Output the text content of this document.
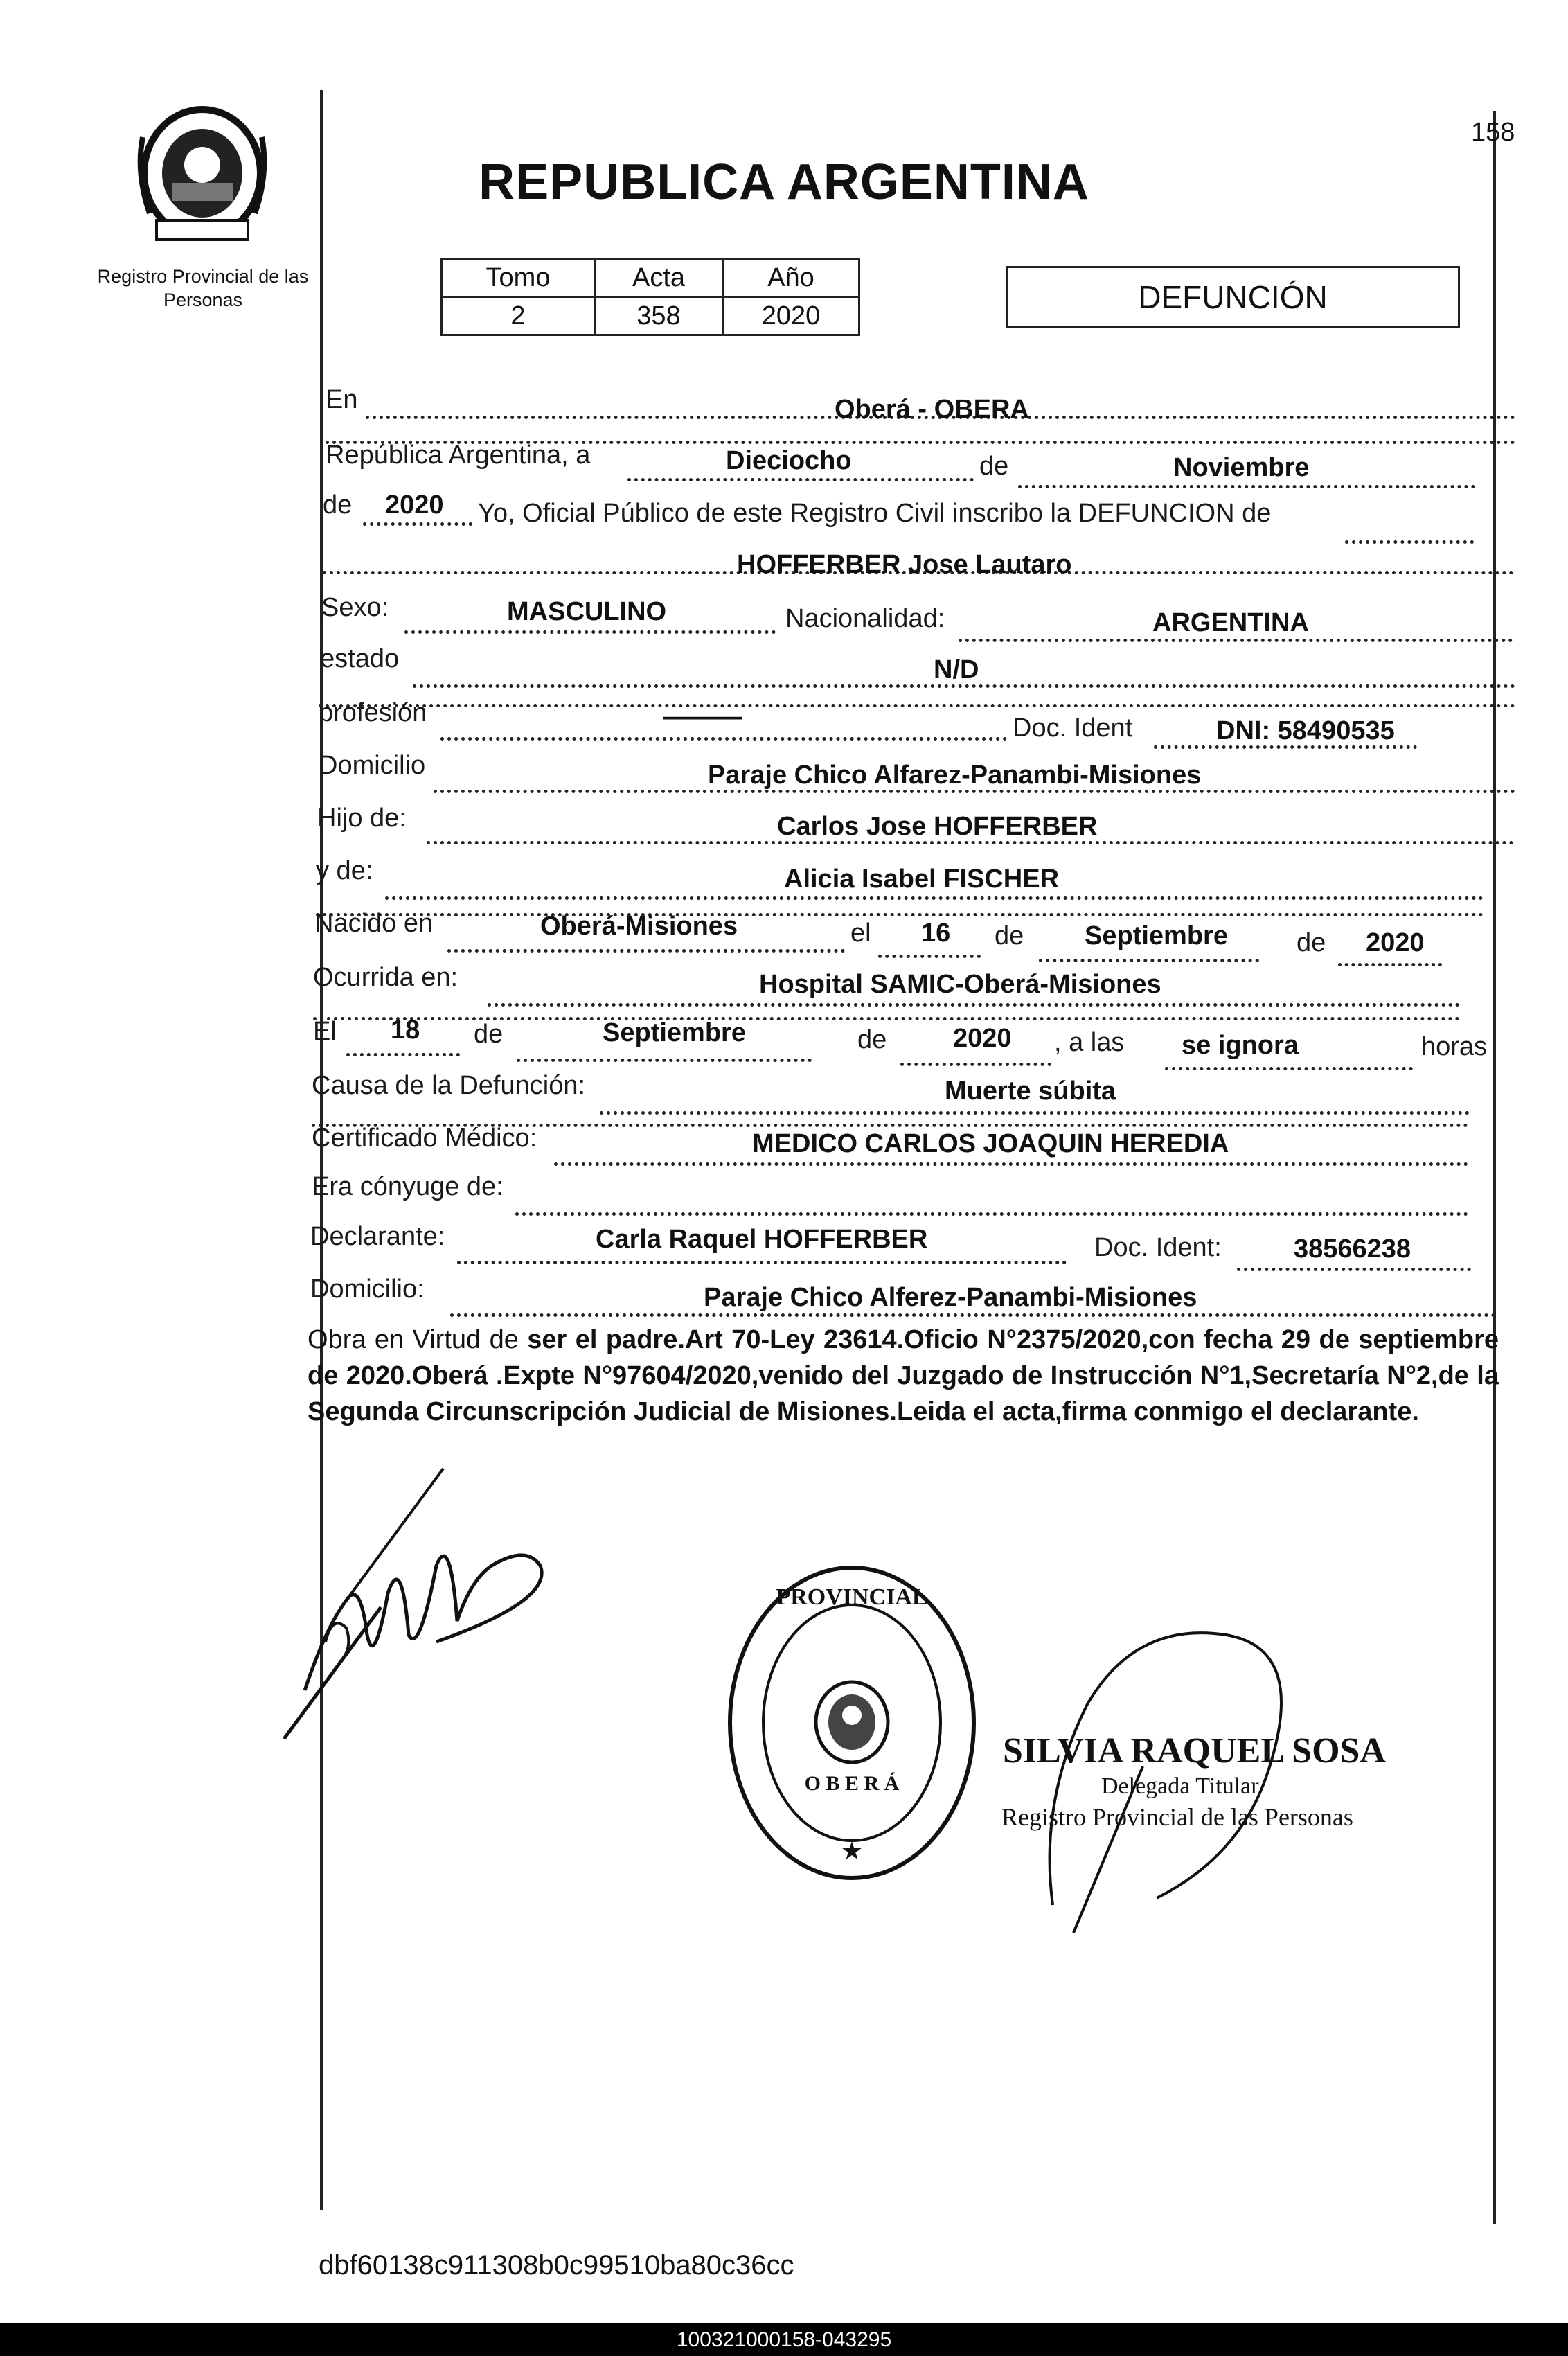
158
Registro Provincial de las Personas
REPUBLICA ARGENTINA
Tomo	Acta	Año
2	358	2020
DEFUNCIÓN
En	Oberá - OBERA
República Argentina, a	Dieciocho	de	Noviembre
de 2020 Yo, Oficial Público de este Registro Civil inscribo la DEFUNCION de
HOFFERBER Jose Lautaro
Sexo:	MASCULINO	Nacionalidad:	ARGENTINA
estado	N/D
profesión	———	Doc. Ident	DNI: 58490535
Domicilio	Paraje Chico Alfarez-Panambi-Misiones
Hijo de:	Carlos Jose HOFFERBER
y de:	Alicia Isabel FISCHER
Nacido en	Oberá-Misiones	el 16 de Septiembre	de 2020
Ocurrida en:	Hospital SAMIC-Oberá-Misiones
El 18 de	Septiembre	de	2020 , a las se ignora	horas
Causa de la Defunción:	Muerte súbita
Certificado Médico:	MEDICO CARLOS JOAQUIN HEREDIA
Era cónyuge de:
Declarante:	Carla Raquel HOFFERBER	Doc. Ident:	38566238
Domicilio:	Paraje Chico Alferez-Panambi-Misiones
Obra en Virtud de ser el padre.Art 70-Ley 23614.Oficio N°2375/2020,con fecha 29 de septiembre de 2020.Oberá .Expte N°97604/2020,venido del Juzgado de Instrucción N°1,Secretaría N°2,de la Segunda Circunscripción Judicial de Misiones.Leida el acta,firma conmigo el declarante.
PROVINCIAL
O B E R Á
★
SILVIA RAQUEL SOSA
Delegada Titular
Registro Provincial de las Personas
dbf60138c911308b0c99510ba80c36cc
100321000158-043295
